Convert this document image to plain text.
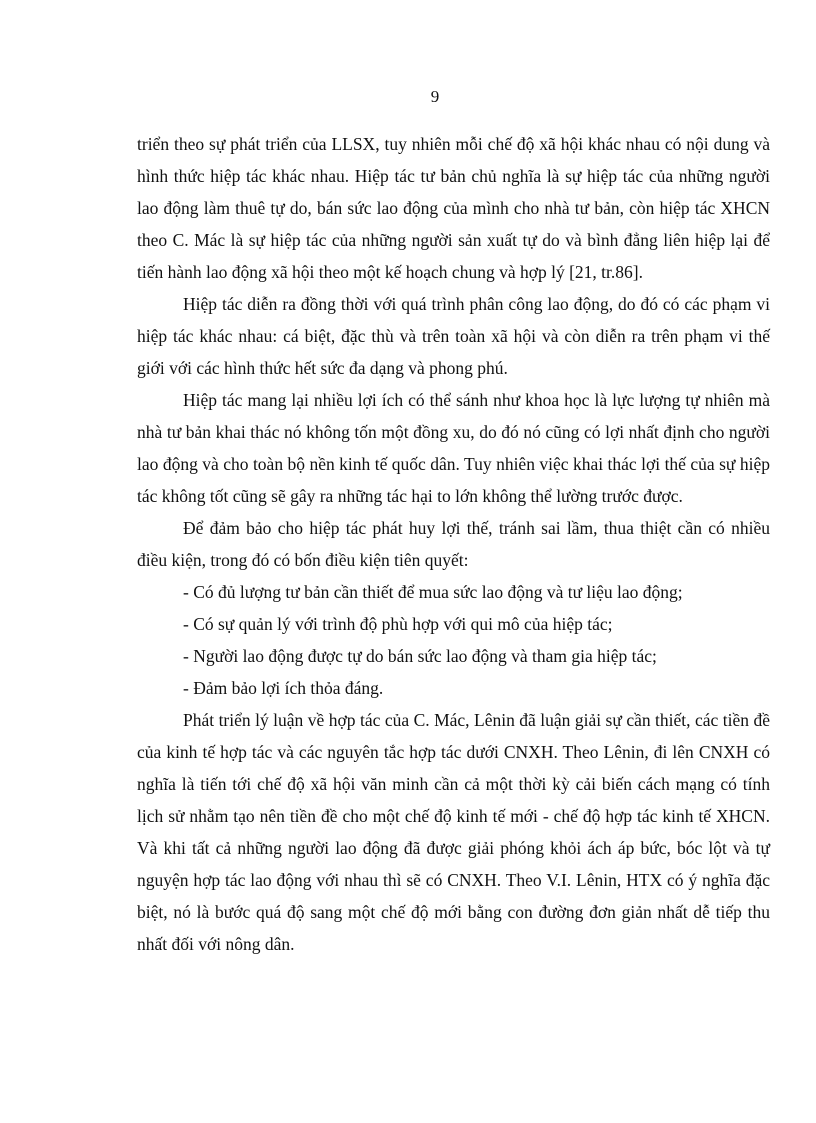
9

triển theo sự phát triển của LLSX, tuy nhiên mỗi chế độ xã hội khác nhau có nội dung và hình thức hiệp tác khác nhau. Hiệp tác tư bản chủ nghĩa là sự hiệp tác của những người lao động làm thuê tự do, bán sức lao động của mình cho nhà tư bản, còn hiệp tác XHCN theo C. Mác là sự hiệp tác của những người sản xuất tự do và bình đẳng liên hiệp lại để tiến hành lao động xã hội theo một kế hoạch chung và hợp lý [21, tr.86].

Hiệp tác diễn ra đồng thời với quá trình phân công lao động, do đó có các phạm vi hiệp tác khác nhau: cá biệt, đặc thù và trên toàn xã hội và còn diễn ra trên phạm vi thế giới với các hình thức hết sức đa dạng và phong phú.

Hiệp tác mang lại nhiều lợi ích có thể sánh như khoa học là lực lượng tự nhiên mà nhà tư bản khai thác nó không tốn một đồng xu, do đó nó cũng có lợi nhất định cho người lao động và cho toàn bộ nền kinh tế quốc dân. Tuy nhiên việc khai thác lợi thế của sự hiệp tác không tốt cũng sẽ gây ra những tác hại to lớn không thể lường trước được.

Để đảm bảo cho hiệp tác phát huy lợi thế, tránh sai lầm, thua thiệt cần có nhiều điều kiện, trong đó có bốn điều kiện tiên quyết:

- Có đủ lượng tư bản cần thiết để mua sức lao động và tư liệu lao động;

- Có sự quản lý với trình độ phù hợp với qui mô của hiệp tác;

- Người lao động được tự do bán sức lao động và tham gia hiệp tác;

- Đảm bảo lợi ích thỏa đáng.

Phát triển lý luận về hợp tác của C. Mác, Lênin đã luận giải sự cần thiết, các tiền đề của kinh tế hợp tác và các nguyên tắc hợp tác dưới CNXH. Theo Lênin, đi lên CNXH có nghĩa là tiến tới chế độ xã hội văn minh cần cả một thời kỳ cải biến cách mạng có tính lịch sử nhằm tạo nên tiền đề cho một chế độ kinh tế mới - chế độ hợp tác kinh tế XHCN. Và khi tất cả những người lao động đã được giải phóng khỏi ách áp bức, bóc lột và tự nguyện hợp tác lao động với nhau thì sẽ có CNXH. Theo V.I. Lênin, HTX có ý nghĩa đặc biệt, nó là bước quá độ sang một chế độ mới bằng con đường đơn giản nhất dễ tiếp thu nhất đối với nông dân.
